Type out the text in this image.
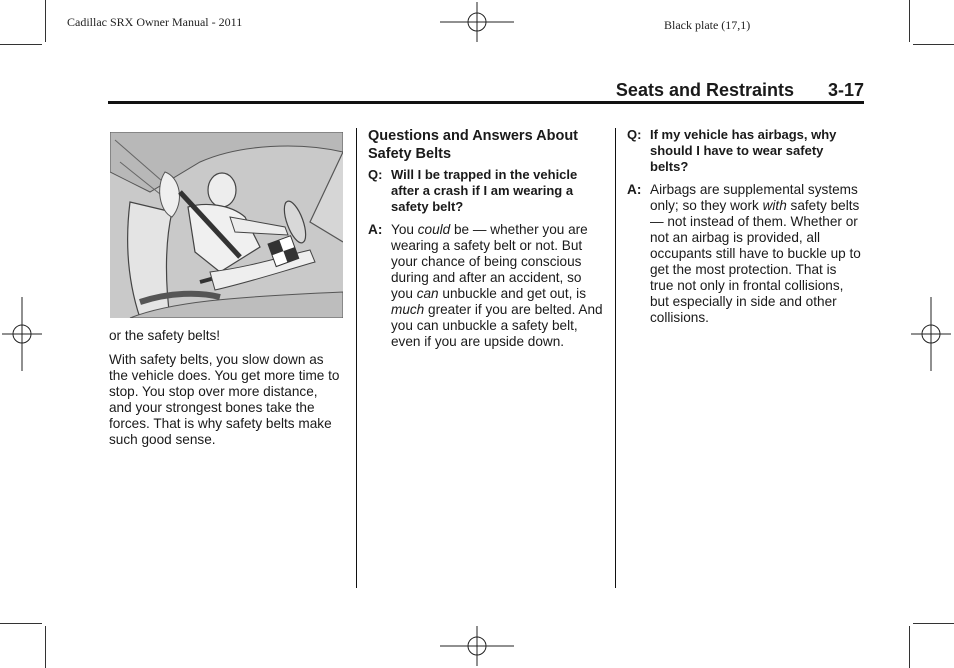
Cadillac SRX Owner Manual - 2011	Black plate (17,1)
Seats and Restraints 3-17

or the safety belts!

With safety belts, you slow down as the vehicle does. You get more time to stop. You stop over more distance, and your strongest bones take the forces. That is why safety belts make such good sense.

Questions and Answers About Safety Belts
Q: Will I be trapped in the vehicle after a crash if I am wearing a safety belt?
A: You could be — whether you are wearing a safety belt or not. But your chance of being conscious during and after an accident, so you can unbuckle and get out, is much greater if you are belted. And you can unbuckle a safety belt, even if you are upside down.
Q: If my vehicle has airbags, why should I have to wear safety belts?
A: Airbags are supplemental systems only; so they work with safety belts — not instead of them. Whether or not an airbag is provided, all occupants still have to buckle up to get the most protection. That is true not only in frontal collisions, but especially in side and other collisions.
